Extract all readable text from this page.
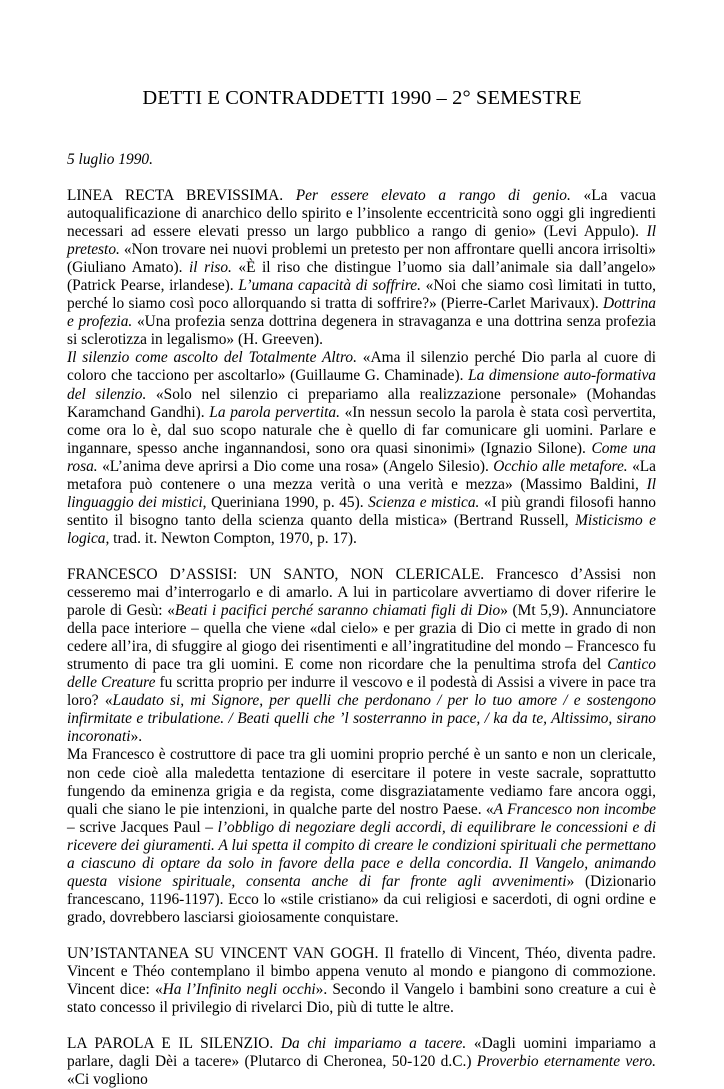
DETTI E CONTRADDETTI 1990 – 2° SEMESTRE
5 luglio 1990.

LINEA RECTA BREVISSIMA. Per essere elevato a rango di genio. «La vacua autoqualificazione di anarchico dello spirito e l’insolente eccentricità sono oggi gli ingredienti necessari ad essere elevati presso un largo pubblico a rango di genio» (Levi Appulo). Il pretesto. «Non trovare nei nuovi problemi un pretesto per non affrontare quelli ancora irrisolti» (Giuliano Amato). il riso. «È il riso che distingue l’uomo sia dall’animale sia dall’angelo» (Patrick Pearse, irlandese). L’umana capacità di soffrire. «Noi che siamo così limitati in tutto, perché lo siamo così poco allorquando si tratta di soffrire?» (Pierre-Carlet Marivaux). Dottrina e profezia. «Una profezia senza dottrina degenera in stravaganza e una dottrina senza profezia si sclerotizza in legalismo» (H. Greeven).

Il silenzio come ascolto del Totalmente Altro. «Ama il silenzio perché Dio parla al cuore di coloro che tacciono per ascoltarlo» (Guillaume G. Chaminade). La dimensione auto-formativa del silenzio. «Solo nel silenzio ci prepariamo alla realizzazione personale» (Mohandas Karamchand Gandhi). La parola pervertita. «In nessun secolo la parola è stata così pervertita, come ora lo è, dal suo scopo naturale che è quello di far comunicare gli uomini. Parlare e ingannare, spesso anche ingannandosi, sono ora quasi sinonimi» (Ignazio Silone). Come una rosa. «L’anima deve aprirsi a Dio come una rosa» (Angelo Silesio). Occhio alle metafore. «La metafora può contenere o una mezza verità o una verità e mezza» (Massimo Baldini, Il linguaggio dei mistici, Queriniana 1990, p. 45). Scienza e mistica. «I più grandi filosofi hanno sentito il bisogno tanto della scienza quanto della mistica» (Bertrand Russell, Misticismo e logica, trad. it. Newton Compton, 1970, p. 17).

FRANCESCO D’ASSISI: UN SANTO, NON CLERICALE. Francesco d’Assisi non cesseremo mai d’interrogarlo e di amarlo. A lui in particolare avvertiamo di dover riferire le parole di Gesù: «Beati i pacifici perché saranno chiamati figli di Dio» (Mt 5,9). Annunciatore della pace interiore – quella che viene «dal cielo» e per grazia di Dio ci mette in grado di non cedere all’ira, di sfuggire al giogo dei risentimenti e all’ingratitudine del mondo – Francesco fu strumento di pace tra gli uomini. E come non ricordare che la penultima strofa del Cantico delle Creature fu scritta proprio per indurre il vescovo e il podestà di Assisi a vivere in pace tra loro? «Laudato si, mi Signore, per quelli che perdonano / per lo tuo amore / e sostengono infirmitate e tribulatione. / Beati quelli che ’l sosterranno in pace, / ka da te, Altissimo, sirano incoronati».

Ma Francesco è costruttore di pace tra gli uomini proprio perché è un santo e non un clericale, non cede cioè alla maledetta tentazione di esercitare il potere in veste sacrale, soprattutto fungendo da eminenza grigia e da regista, come disgraziatamente vediamo fare ancora oggi, quali che siano le pie intenzioni, in qualche parte del nostro Paese. «A Francesco non incombe – scrive Jacques Paul – l’obbligo di negoziare degli accordi, di equilibrare le concessioni e di ricevere dei giuramenti. A lui spetta il compito di creare le condizioni spirituali che permettano a ciascuno di optare da solo in favore della pace e della concordia. Il Vangelo, animando questa visione spirituale, consenta anche di far fronte agli avvenimenti» (Dizionario francescano, 1196-1197). Ecco lo «stile cristiano» da cui religiosi e sacerdoti, di ogni ordine e grado, dovrebbero lasciarsi gioiosamente conquistare.

UN’ISTANTANEA SU VINCENT VAN GOGH. Il fratello di Vincent, Théo, diventa padre. Vincent e Théo contemplano il bimbo appena venuto al mondo e piangono di commozione. Vincent dice: «Ha l’Infinito negli occhi». Secondo il Vangelo i bambini sono creature a cui è stato concesso il privilegio di rivelarci Dio, più di tutte le altre.

LA PAROLA E IL SILENZIO. Da chi impariamo a tacere. «Dagli uomini impariamo a parlare, dagli Dèi a tacere» (Plutarco di Cheronea, 50-120 d.C.) Proverbio eternamente vero. «Ci vogliono
